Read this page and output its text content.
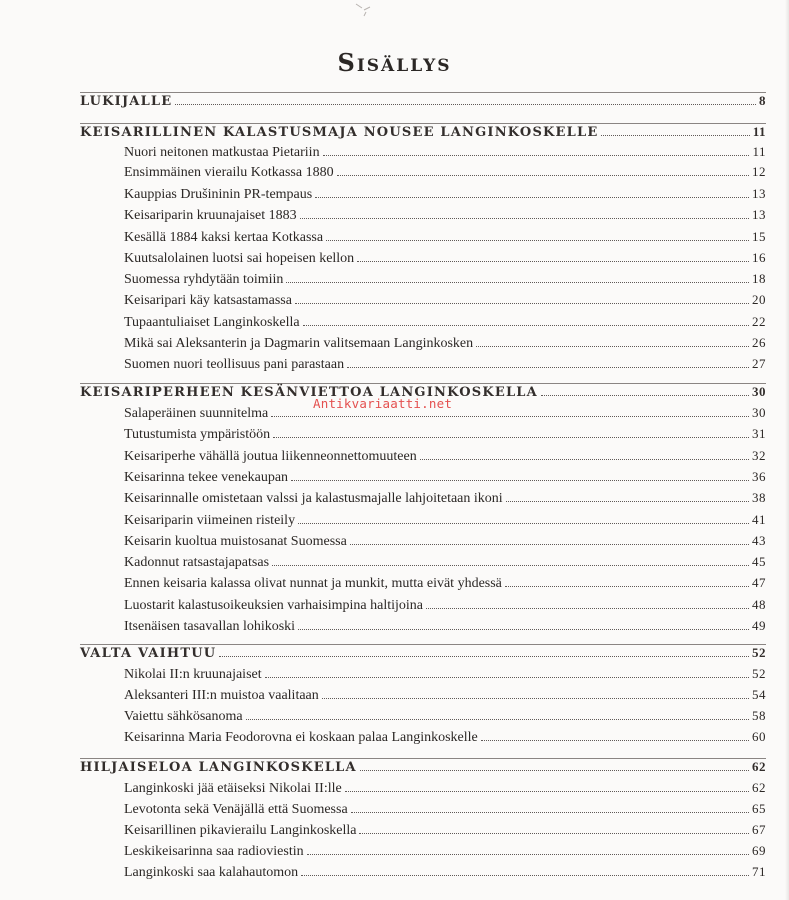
Sisällys
LUKIJALLE	8
KEISARILLINEN KALASTUSMAJA NOUSEE LANGINKOSKELLE	11
Nuori neitonen matkustaa Pietariin	11
Ensimmäinen vierailu Kotkassa 1880	12
Kauppias Drušininin PR-tempaus	13
Keisariparin kruunajaiset 1883	13
Kesällä 1884 kaksi kertaa Kotkassa	15
Kuutsalolainen luotsi sai hopeisen kellon	16
Suomessa ryhdytään toimiin	18
Keisaripari käy katsastamassa	20
Tupaantuliaiset Langinkoskella	22
Mikä sai Aleksanterin ja Dagmarin valitsemaan Langinkosken	26
Suomen nuori teollisuus pani parastaan	27
KEISARIPERHEEN KESÄNVIETTOA LANGINKOSKELLA	30
Salaperäinen suunnitelma	30
Tutustumista ympäristöön	31
Keisariperhe vähällä joutua liikenneonnettomuuteen	32
Keisarinna tekee venekaupan	36
Keisarinnalle omistetaan valssi ja kalastusmajalle lahjoitetaan ikoni	38
Keisariparin viimeinen risteily	41
Keisarin kuoltua muistosanat Suomessa	43
Kadonnut ratsastajapatsas	45
Ennen keisaria kalassa olivat nunnat ja munkit, mutta eivät yhdessä	47
Luostarit kalastusoikeuksien varhaisimpina haltijoina	48
Itsenäisen tasavallan lohikoski	49
VALTA VAIHTUU	52
Nikolai II:n kruunajaiset	52
Aleksanteri III:n muistoa vaalitaan	54
Vaiettu sähkösanoma	58
Keisarinna Maria Feodorovna ei koskaan palaa Langinkoskelle	60
HILJAISELOA LANGINKOSKELLA	62
Langinkoski jää etäiseksi Nikolai II:lle	62
Levotonta sekä Venäjällä että Suomessa	65
Keisarillinen pikavierailu Langinkoskella	67
Leskikeisarinna saa radioviestin	69
Langinkoski saa kalahautomon	71
Antikvariaatti.net
